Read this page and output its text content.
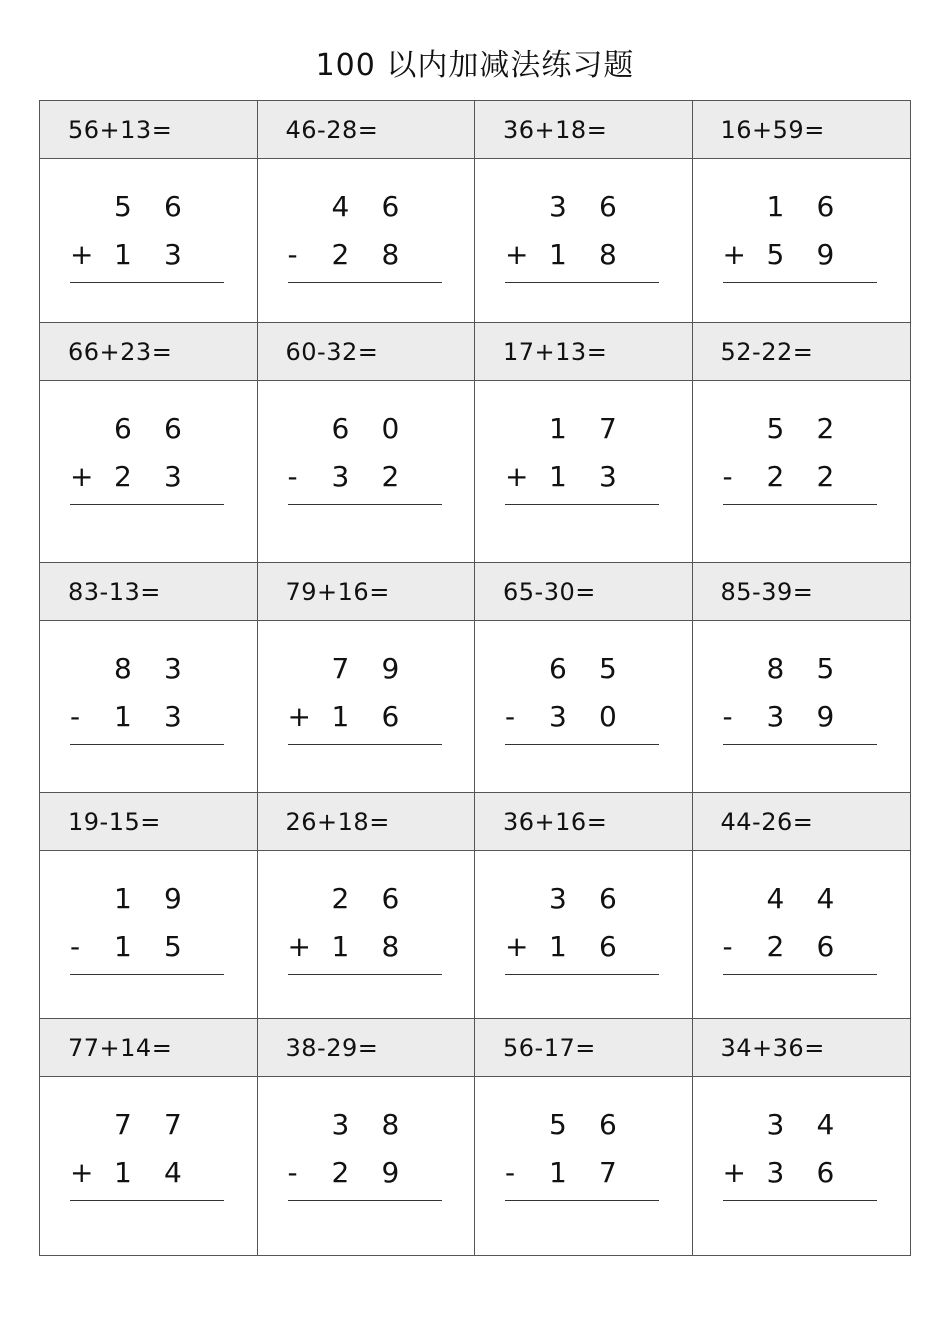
100 以内加减法练习题
56+13=
5 6
+ 1 3
46-28=
4 6
- 2 8
36+18=
3 6
+ 1 8
16+59=
1 6
+ 5 9
66+23=
6 6
+ 2 3
60-32=
6 0
- 3 2
17+13=
1 7
+ 1 3
52-22=
5 2
- 2 2
83-13=
8 3
- 1 3
79+16=
7 9
+ 1 6
65-30=
6 5
- 3 0
85-39=
8 5
- 3 9
19-15=
1 9
- 1 5
26+18=
2 6
+ 1 8
36+16=
3 6
+ 1 6
44-26=
4 4
- 2 6
77+14=
7 7
+ 1 4
38-29=
3 8
- 2 9
56-17=
5 6
- 1 7
34+36=
3 4
+ 3 6
